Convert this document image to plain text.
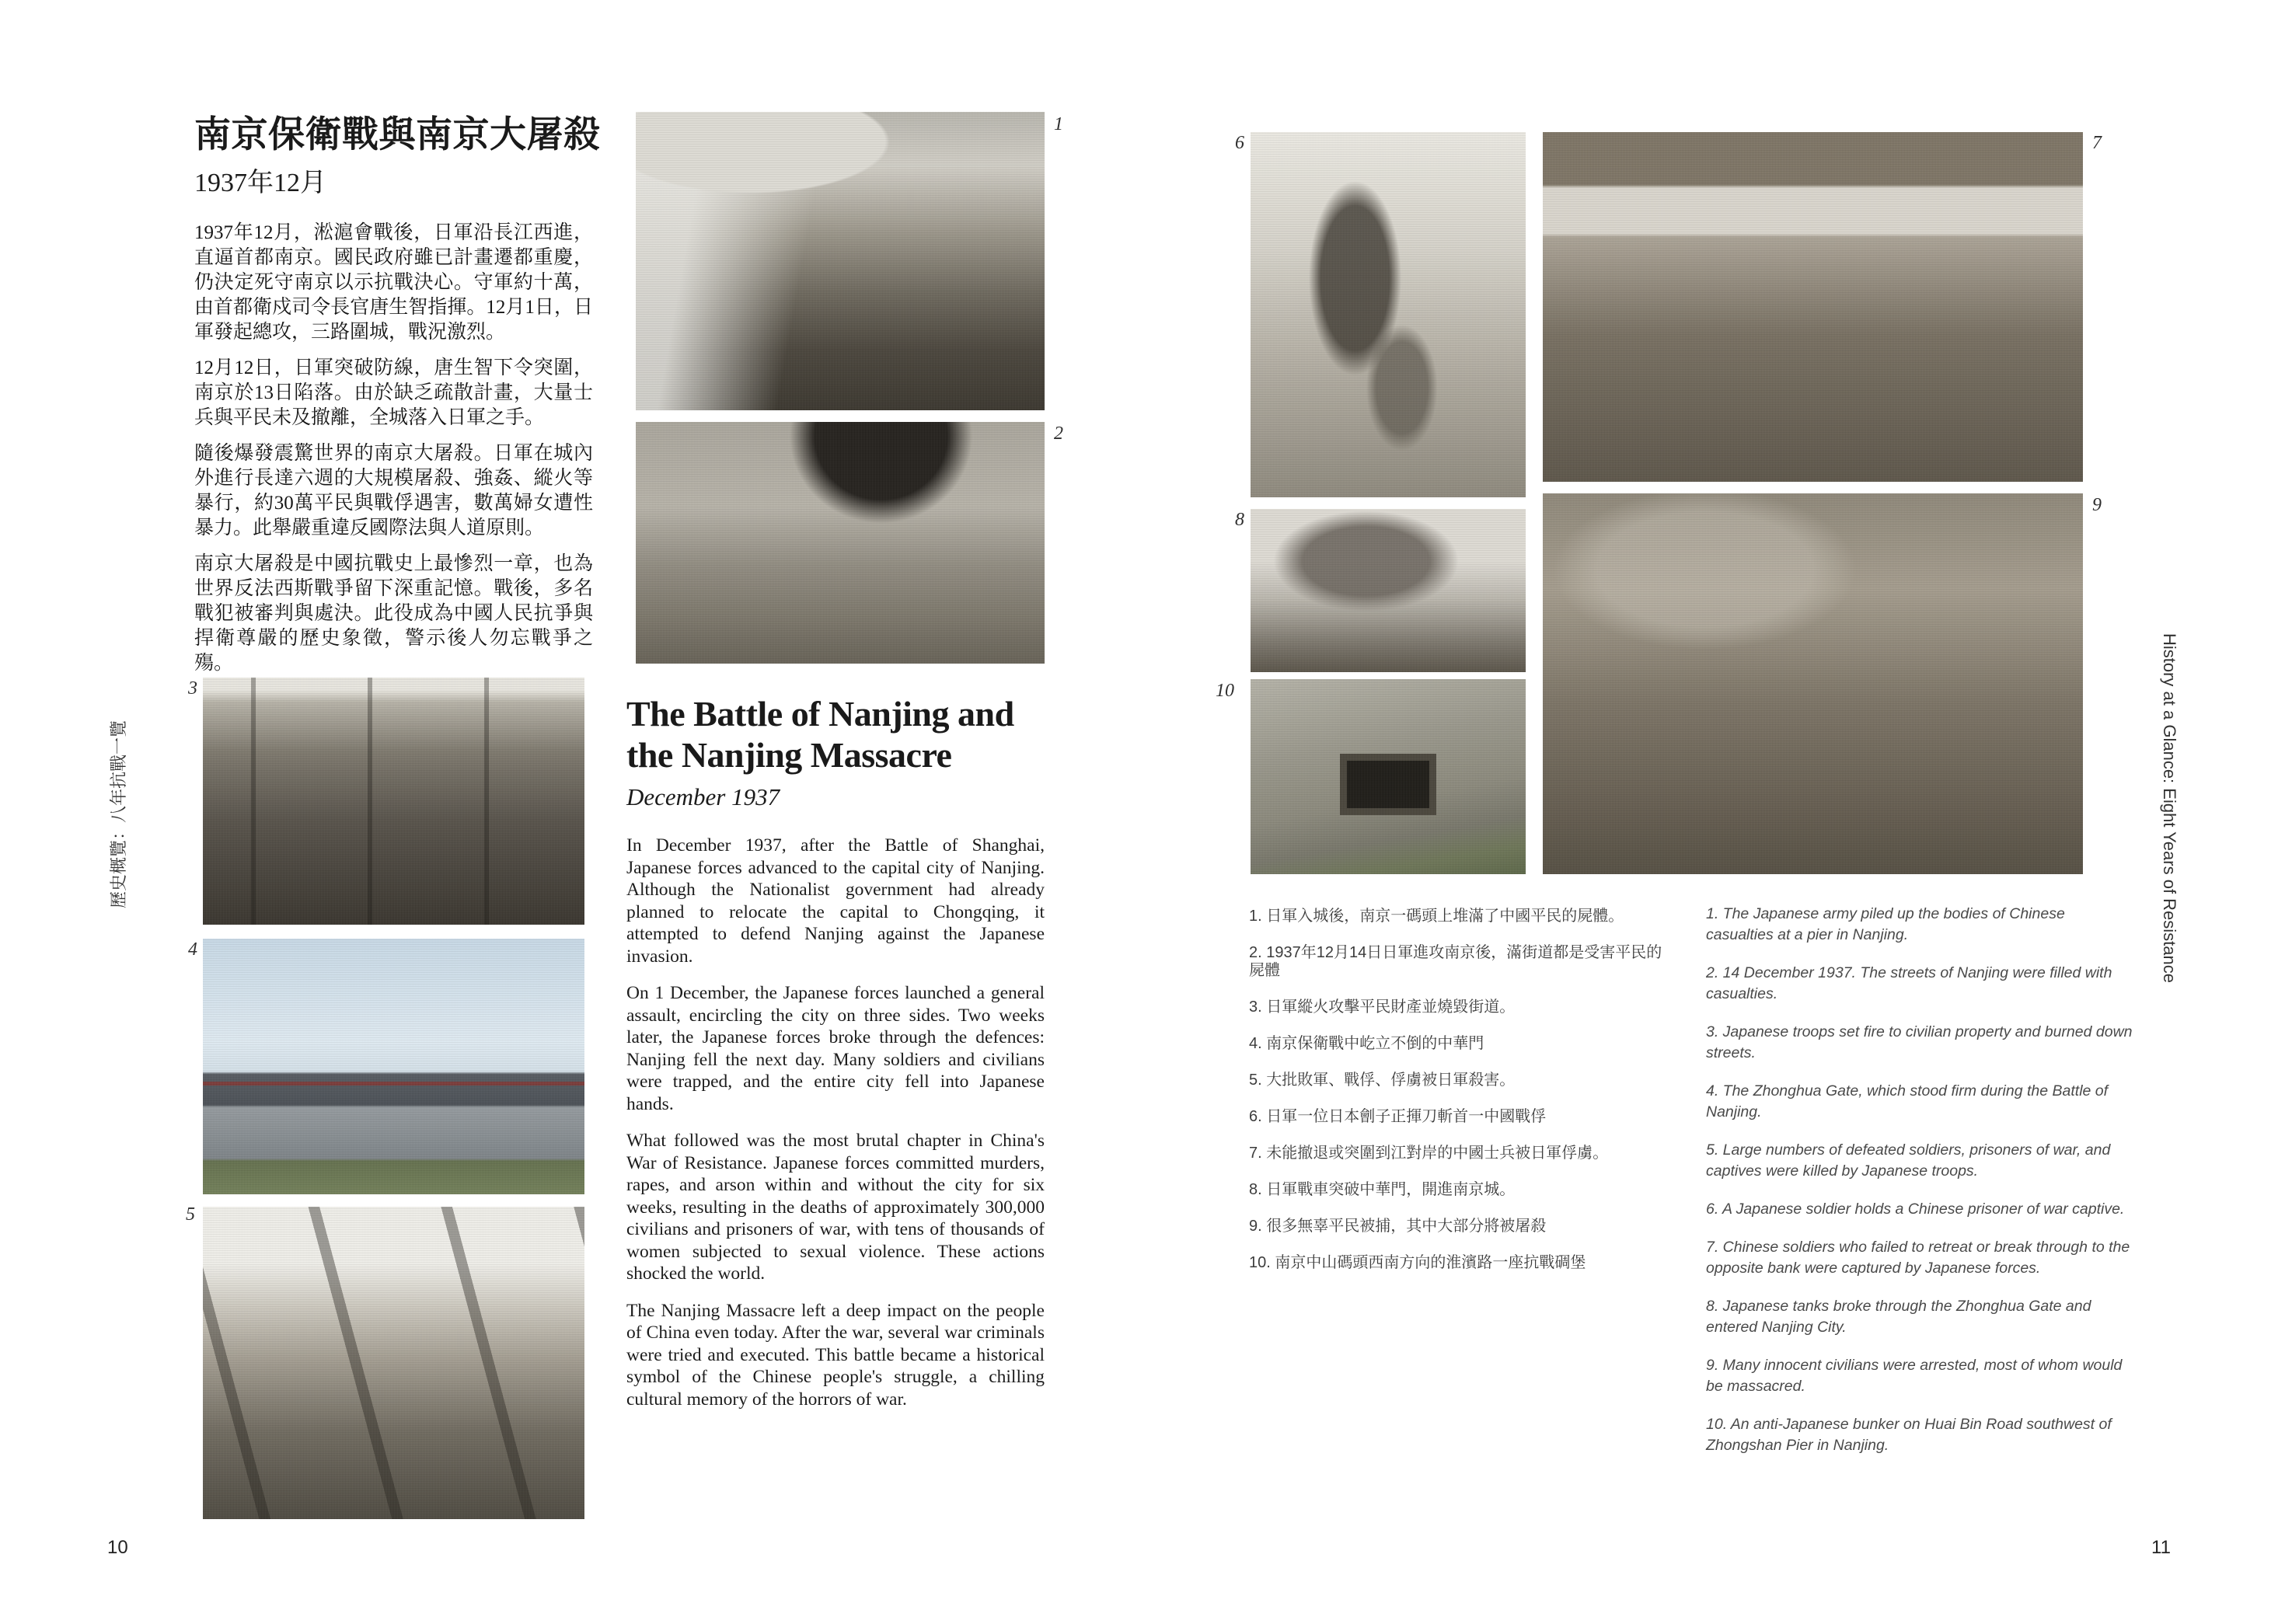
歷史概覽：八年抗戰一覽
10
南京保衛戰與南京大屠殺
1937年12月

1937年12月，淞滬會戰後，日軍沿長江西進，直逼首都南京。國民政府雖已計畫遷都重慶，仍決定死守南京以示抗戰決心。守軍約十萬，由首都衛戍司令長官唐生智指揮。12月1日，日軍發起總攻，三路圍城，戰況激烈。

12月12日，日軍突破防線，唐生智下令突圍，南京於13日陷落。由於缺乏疏散計畫，大量士兵與平民未及撤離，全城落入日軍之手。

隨後爆發震驚世界的南京大屠殺。日軍在城內外進行長達六週的大規模屠殺、強姦、縱火等暴行，約30萬平民與戰俘遇害，數萬婦女遭性暴力。此舉嚴重違反國際法與人道原則。

南京大屠殺是中國抗戰史上最慘烈一章，也為世界反法西斯戰爭留下深重記憶。戰後，多名戰犯被審判與處決。此役成為中國人民抗爭與捍衛尊嚴的歷史象徵，警示後人勿忘戰爭之殤。

The Battle of Nanjing and
the Nanjing Massacre
December 1937

In December 1937, after the Battle of Shanghai, Japanese forces advanced to the capital city of Nanjing. Although the Nationalist government had already planned to relocate the capital to Chongqing, it attempted to defend Nanjing against the Japanese invasion.

On 1 December, the Japanese forces launched a general assault, encircling the city on three sides. Two weeks later, the Japanese forces broke through the defences: Nanjing fell the next day. Many soldiers and civilians were trapped, and the entire city fell into Japanese hands.

What followed was the most brutal chapter in China's War of Resistance. Japanese forces committed murders, rapes, and arson within and without the city for six weeks, resulting in the deaths of approximately 300,000 civilians and prisoners of war, with tens of thousands of women subjected to sexual violence. These actions shocked the world.

The Nanjing Massacre left a deep impact on the people of China even today. After the war, several war criminals were tried and executed. This battle became a historical symbol of the Chinese people's struggle, a chilling cultural memory of the horrors of war.

1
2
3
4
5
6	7
8
9
10

1. 日軍入城後，南京一碼頭上堆滿了中國平民的屍體。

2. 1937年12月14日日軍進攻南京後，滿街道都是受害平民的屍體

3. 日軍縱火攻擊平民財產並燒毀街道。

4. 南京保衛戰中屹立不倒的中華門

5. 大批敗軍、戰俘、俘虜被日軍殺害。

6. 日軍一位日本劊子正揮刀斬首一中國戰俘

7. 未能撤退或突圍到江對岸的中國士兵被日軍俘虜。

8. 日軍戰車突破中華門，開進南京城。

9. 很多無辜平民被捕，其中大部分將被屠殺

10. 南京中山碼頭西南方向的淮濱路一座抗戰碉堡

1. The Japanese army piled up the bodies of Chinese casualties at a pier in Nanjing.

2. 14 December 1937. The streets of Nanjing were filled with casualties.

3. Japanese troops set fire to civilian property and burned down streets.

4. The Zhonghua Gate, which stood firm during the Battle of Nanjing.

5. Large numbers of defeated soldiers, prisoners of war, and captives were killed by Japanese troops.

6. A Japanese soldier holds a Chinese prisoner of war captive.

7. Chinese soldiers who failed to retreat or break through to the opposite bank were captured by Japanese forces.

8. Japanese tanks broke through the Zhonghua Gate and entered Nanjing City.

9. Many innocent civilians were arrested, most of whom would be massacred.

10. An anti-Japanese bunker on Huai Bin Road southwest of Zhongshan Pier in Nanjing.

History at a Glance: Eight Years of Resistance
11
